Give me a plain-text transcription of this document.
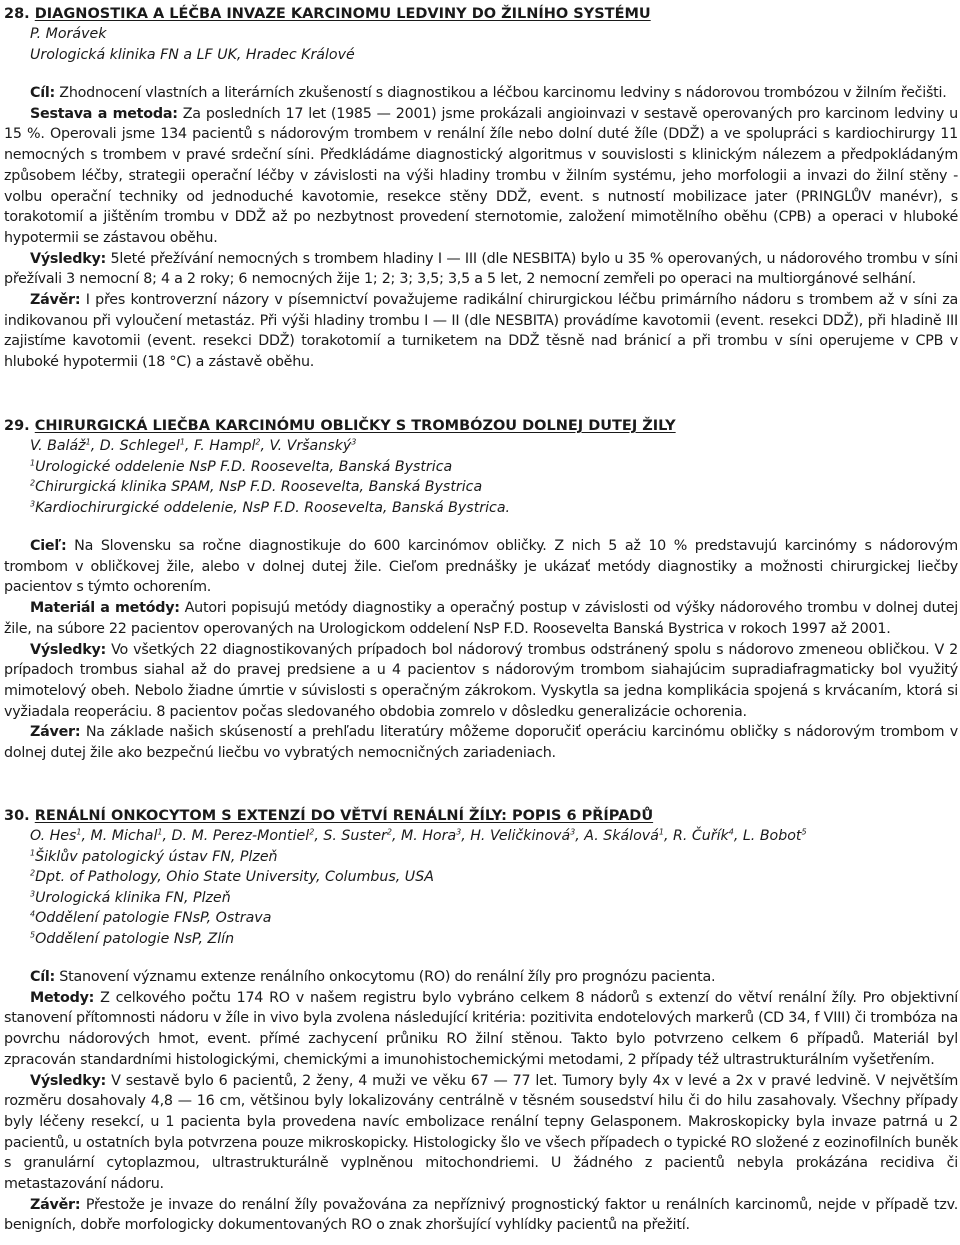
28. DIAGNOSTIKA A LÉČBA INVAZE KARCINOMU LEDVINY DO ŽILNÍHO SYSTÉMU
P. Morávek
Urologická klinika FN a LF UK, Hradec Králové

Cíl: Zhodnocení vlastních a literárních zkušeností s diagnostikou a léčbou karcinomu ledviny s nádorovou trombózou v žilním řečišti.

Sestava a metoda: Za posledních 17 let (1985 — 2001) jsme prokázali angioinvazi v sestavě operovaných pro karcinom ledviny u 15 %. Operovali jsme 134 pacientů s nádorovým trombem v renální žíle nebo dolní duté žíle (DDŽ) a ve spolupráci s kardiochirurgy 11 nemocných s trombem v pravé srdeční síni. Předkládáme diagnostický algoritmus v souvislosti s klinickým nálezem a předpokládaným způsobem léčby, strategii operační léčby v závislosti na výši hladiny trombu v žilním systému, jeho morfologii a invazi do žilní stěny - volbu operační techniky od jednoduché kavotomie, resekce stěny DDŽ, event. s nutností mobilizace jater (PRINGLŮV manévr), s torakotomií a jištěním trombu v DDŽ až po nezbytnost provedení sternotomie, založení mimotělního oběhu (CPB) a operaci v hluboké hypotermii se zástavou oběhu.

Výsledky: 5leté přežívání nemocných s trombem hladiny I — III (dle NESBITA) bylo u 35 % operovaných, u nádorového trombu v síni přežívali 3 nemocní 8; 4 a 2 roky; 6 nemocných žije 1; 2; 3; 3,5; 3,5 a 5 let, 2 nemocní zemřeli po operaci na multiorgánové selhání.

Závěr: I přes kontroverzní názory v písemnictví považujeme radikální chirurgickou léčbu primárního nádoru s trombem až v síni za indikovanou při vyloučení metastáz. Při výši hladiny trombu I — II (dle NESBITA) provádíme kavotomii (event. resekci DDŽ), při hladině III zajistíme kavotomii (event. resekci DDŽ) torakotomií a turniketem na DDŽ těsně nad bránicí a při trombu v síni operujeme v CPB v hluboké hypotermii (18 °C) a zástavě oběhu.

29. CHIRURGICKÁ LIEČBA KARCINÓMU OBLIČKY S TROMBÓZOU DOLNEJ DUTEJ ŽILY
V. Baláž$^1$, D. Schlegel$^1$, F. Hampl$^2$, V. Vršanský$^3$
$^1$Urologické oddelenie NsP F.D. Roosevelta, Banská Bystrica
$^2$Chirurgická klinika SPAM, NsP F.D. Roosevelta, Banská Bystrica
$^3$Kardiochirurgické oddelenie, NsP F.D. Roosevelta, Banská Bystrica.

Cieľ: Na Slovensku sa ročne diagnostikuje do 600 karcinómov obličky. Z nich 5 až 10 % predstavujú karcinómy s nádorovým trombom v obličkovej žile, alebo v dolnej dutej žile. Cieľom prednášky je ukázať metódy diagnostiky a možnosti chirurgickej liečby pacientov s týmto ochorením.

Materiál a metódy: Autori popisujú metódy diagnostiky a operačný postup v závislosti od výšky nádorového trombu v dolnej dutej žile, na súbore 22 pacientov operovaných na Urologickom oddelení NsP F.D. Roosevelta Banská Bystrica v rokoch 1997 až 2001.

Výsledky: Vo všetkých 22 diagnostikovaných prípadoch bol nádorový trombus odstránený spolu s nádorovo zmeneou obličkou. V 2 prípadoch trombus siahal až do pravej predsiene a u 4 pacientov s nádorovým trombom siahajúcim supradiafragmaticky bol využitý mimotelový obeh. Nebolo žiadne úmrtie v súvislosti s operačným zákrokom. Vyskytla sa jedna komplikácia spojená s krvácaním, ktorá si vyžiadala reoperáciu. 8 pacientov počas sledovaného obdobia zomrelo v dôsledku generalizácie ochorenia.

Záver: Na základe našich skúseností a prehľadu literatúry môžeme doporučiť operáciu karcinómu obličky s nádorovým trombom v dolnej dutej žile ako bezpečnú liečbu vo vybratých nemocničných zariadeniach.

30. RENÁLNÍ ONKOCYTOM S EXTENZÍ DO VĚTVÍ RENÁLNÍ ŽÍLY: POPIS 6 PŘÍPADŮ
O. Hes$^1$, M. Michal$^1$, D. M. Perez-Montiel$^2$, S. Suster$^2$, M. Hora$^3$, H. Veličkinová$^3$, A. Skálová$^1$, R. Čuřík$^4$, L. Bobot$^5$
$^1$Šiklův patologický ústav FN, Plzeň
$^2$Dpt. of Pathology, Ohio State University, Columbus, USA
$^3$Urologická klinika FN, Plzeň
$^4$Oddělení patologie FNsP, Ostrava
$^5$Oddělení patologie NsP, Zlín

Cíl: Stanovení významu extenze renálního onkocytomu (RO) do renální žíly pro prognózu pacienta.

Metody: Z celkového počtu 174 RO v našem registru bylo vybráno celkem 8 nádorů s extenzí do větví renální žíly. Pro objektivní stanovení přítomnosti nádoru v žíle in vivo byla zvolena následující kritéria: pozitivita endotelových markerů (CD 34, f VIII) či trombóza na povrchu nádorových hmot, event. přímé zachycení průniku RO žilní stěnou. Takto bylo potvrzeno celkem 6 případů. Materiál byl zpracován standardními histologickými, chemickými a imunohistochemickými metodami, 2 případy též ultrastrukturálním vyšetřením.

Výsledky: V sestavě bylo 6 pacientů, 2 ženy, 4 muži ve věku 67 — 77 let. Tumory byly 4x v levé a 2x v pravé ledvině. V největším rozměru dosahovaly 4,8 — 16 cm, většinou byly lokalizovány centrálně v těsném sousedství hilu či do hilu zasahovaly. Všechny případy byly léčeny resekcí, u 1 pacienta byla provedena navíc embolizace renální tepny Gelasponem. Makroskopicky byla invaze patrná u 2 pacientů, u ostatních byla potvrzena pouze mikroskopicky. Histologicky šlo ve všech případech o typické RO složené z eozinofilních buněk s granulární cytoplazmou, ultrastrukturálně vyplněnou mitochondriemi. U žádného z pacientů nebyla prokázána recidiva či metastazování nádoru.

Závěr: Přestože je invaze do renální žíly považována za nepříznivý prognostický faktor u renálních karcinomů, nejde v případě tzv. benigních, dobře morfologicky dokumentovaných RO o znak zhoršující vyhlídky pacientů na přežití.
